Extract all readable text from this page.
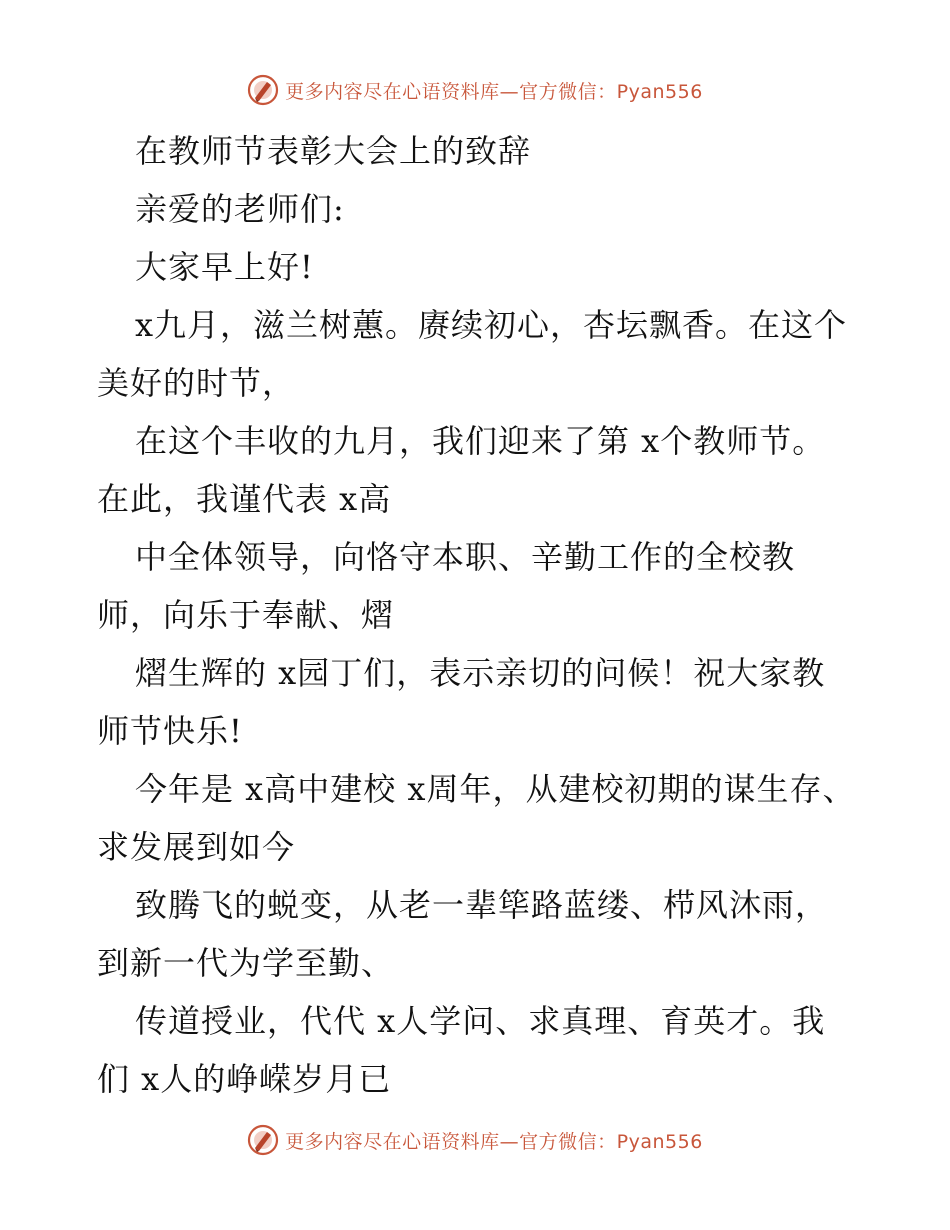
更多内容尽在心语资料库—官方微信：Pyan556

在教师节表彰大会上的致辞

亲爱的老师们:

大家早上好!

x九月，滋兰树蕙。赓续初心，杏坛飘香。在这个美好的时节，

在这个丰收的九月，我们迎来了第 x个教师节。在此，我谨代表 x高

中全体领导，向恪守本职、辛勤工作的全校教师，向乐于奉献、熠

熠生辉的 x园丁们，表示亲切的问候！祝大家教师节快乐!

今年是 x高中建校 x周年，从建校初期的谋生存、求发展到如今

致腾飞的蜕变，从老一辈筚路蓝缕、栉风沐雨，到新一代为学至勤、

传道授业，代代 x人学问、求真理、育英才。我们 x人的峥嵘岁月已

更多内容尽在心语资料库—官方微信：Pyan556
